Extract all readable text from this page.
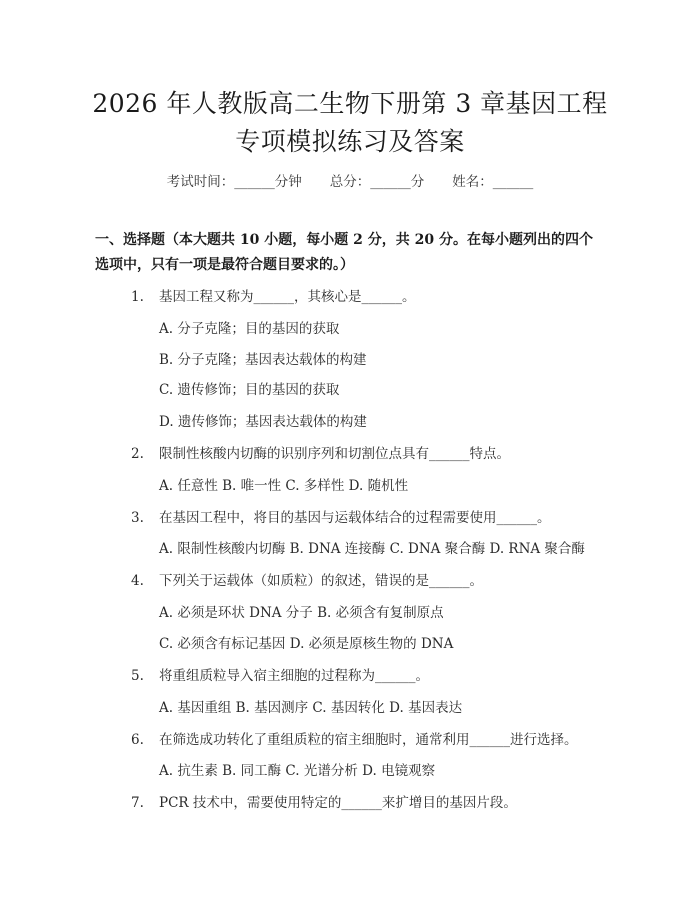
2026 年人教版高二生物下册第 3 章基因工程
专项模拟练习及答案
考试时间：______分钟 总分：______分 姓名：______
一、选择题（本大题共 10 小题，每小题 2 分，共 20 分。在每小题列出的四个选项中，只有一项是最符合题目要求的。）
1. 基因工程又称为______，其核心是______。
A. 分子克隆；目的基因的获取
B. 分子克隆；基因表达载体的构建
C. 遗传修饰；目的基因的获取
D. 遗传修饰；基因表达载体的构建
2. 限制性核酸内切酶的识别序列和切割位点具有______特点。
A. 任意性 B. 唯一性 C. 多样性 D. 随机性
3. 在基因工程中，将目的基因与运载体结合的过程需要使用______。
A. 限制性核酸内切酶 B. DNA 连接酶 C. DNA 聚合酶 D. RNA 聚合酶
4. 下列关于运载体（如质粒）的叙述，错误的是______。
A. 必须是环状 DNA 分子 B. 必须含有复制原点
C. 必须含有标记基因 D. 必须是原核生物的 DNA
5. 将重组质粒导入宿主细胞的过程称为______。
A. 基因重组 B. 基因测序 C. 基因转化 D. 基因表达
6. 在筛选成功转化了重组质粒的宿主细胞时，通常利用______进行选择。
A. 抗生素 B. 同工酶 C. 光谱分析 D. 电镜观察
7. PCR 技术中，需要使用特定的______来扩增目的基因片段。
